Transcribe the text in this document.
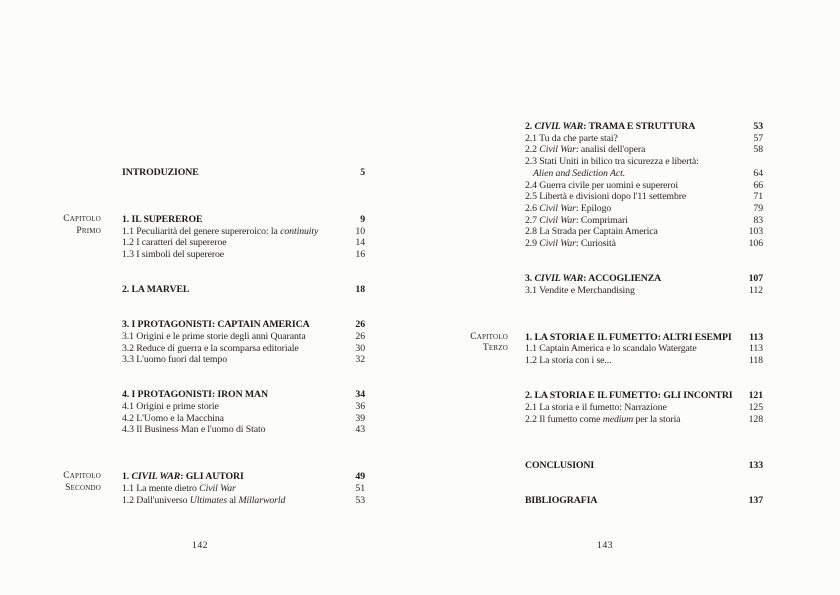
INTRODUZIONE	5
Capitolo
Primo
1. IL SUPEREROE	9
1.1 Peculiarità del genere supereroico: la continuity	10
1.2 I caratteri del supereroe	14
1.3 I simboli del supereroe	16
2. LA MARVEL	18
3. I PROTAGONISTI: CAPTAIN AMERICA	26
3.1 Origini e le prime storie degli anni Quaranta	26
3.2 Reduce di guerra e la scomparsa editoriale	30
3.3 L'uomo fuori dal tempo	32
4. I PROTAGONISTI: IRON MAN	34
4.1 Origini e prime storie	36
4.2 L'Uomo e la Macchina	39
4.3 Il Business Man e l'uomo di Stato	43
Capitolo
Secondo
1. CIVIL WAR: GLI AUTORI	49
1.1 La mente dietro Civil War	51
1.2 Dall'universo Ultimates al Millarworld	53
142
2. CIVIL WAR: TRAMA E STRUTTURA	53
2.1 Tu da che parte stai?	57
2.2 Civil War: analisi dell'opera	58
2.3 Stati Uniti in bilico tra sicurezza e libertà:
Alien and Sediction Act.	64
2.4 Guerra civile per uomini e supereroi	66
2.5 Libertà e divisioni dopo l'11 settembre	71
2.6 Civil War: Epilogo	79
2.7 Civil War: Comprimari	83
2.8 La Strada per Captain America	103
2.9 Civil War: Curiosità	106
3. CIVIL WAR: ACCOGLIENZA	107
3.1 Vendite e Merchandising	112
Capitolo
Terzo
1. LA STORIA E IL FUMETTO: ALTRI ESEMPI	113
1.1 Captain America e lo scandalo Watergate	113
1.2 La storia con i se...	118
2. LA STORIA E IL FUMETTO: GLI INCONTRI	121
2.1 La storia e il fumetto: Narrazione	125
2.2 Il fumetto come medium per la storia	128
CONCLUSIONI	133
BIBLIOGRAFIA	137
143
